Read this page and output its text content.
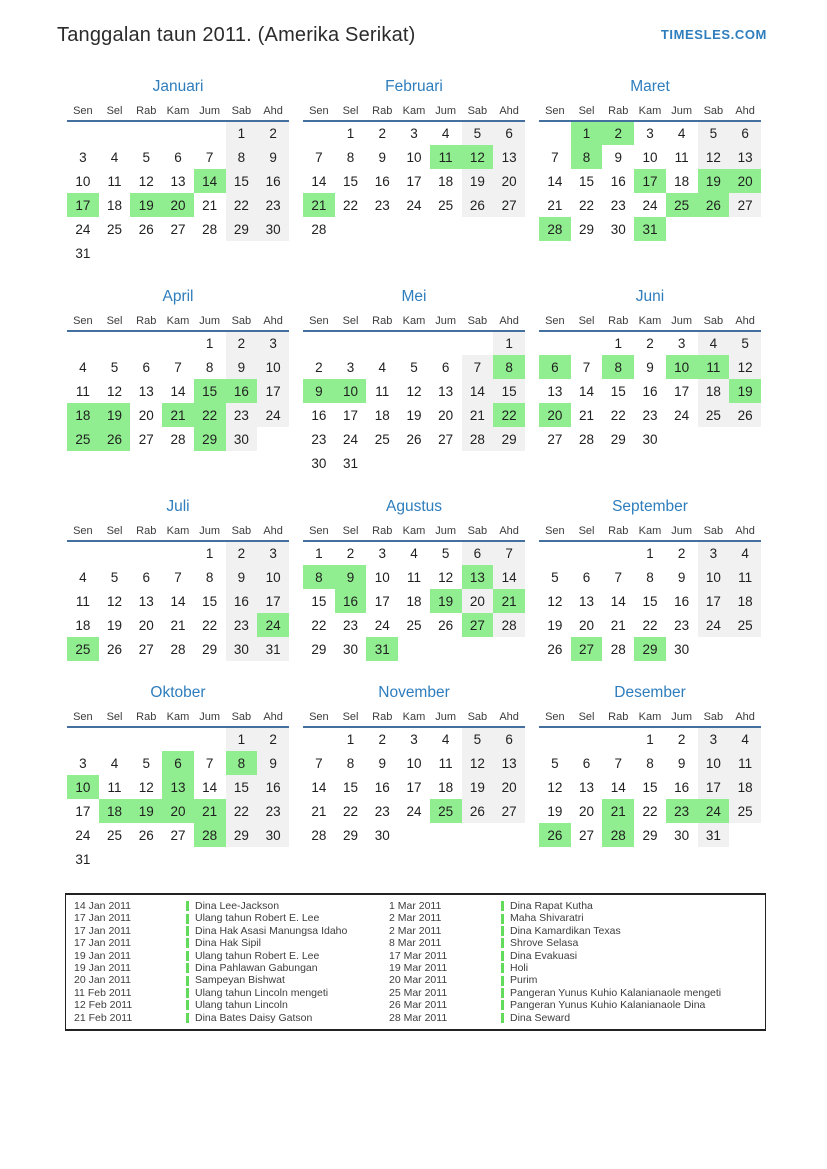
Tanggalan taun 2011. (Amerika Serikat)	TIMESLES.COM
Januari
Sen	Sel	Rab	Kam	Jum	Sab	Ahd
					1	2
3	4	5	6	7	8	9
10	11	12	13	14	15	16
17	18	19	20	21	22	23
24	25	26	27	28	29	30
31						
Februari
Sen	Sel	Rab	Kam	Jum	Sab	Ahd
	1	2	3	4	5	6
7	8	9	10	11	12	13
14	15	16	17	18	19	20
21	22	23	24	25	26	27
28						
Maret
Sen	Sel	Rab	Kam	Jum	Sab	Ahd
	1	2	3	4	5	6
7	8	9	10	11	12	13
14	15	16	17	18	19	20
21	22	23	24	25	26	27
28	29	30	31			
April
Sen	Sel	Rab	Kam	Jum	Sab	Ahd
				1	2	3
4	5	6	7	8	9	10
11	12	13	14	15	16	17
18	19	20	21	22	23	24
25	26	27	28	29	30	
Mei
Sen	Sel	Rab	Kam	Jum	Sab	Ahd
						1
2	3	4	5	6	7	8
9	10	11	12	13	14	15
16	17	18	19	20	21	22
23	24	25	26	27	28	29
30	31					
Juni
Sen	Sel	Rab	Kam	Jum	Sab	Ahd
		1	2	3	4	5
6	7	8	9	10	11	12
13	14	15	16	17	18	19
20	21	22	23	24	25	26
27	28	29	30			
Juli
Sen	Sel	Rab	Kam	Jum	Sab	Ahd
				1	2	3
4	5	6	7	8	9	10
11	12	13	14	15	16	17
18	19	20	21	22	23	24
25	26	27	28	29	30	31
Agustus
Sen	Sel	Rab	Kam	Jum	Sab	Ahd
1	2	3	4	5	6	7
8	9	10	11	12	13	14
15	16	17	18	19	20	21
22	23	24	25	26	27	28
29	30	31				
September
Sen	Sel	Rab	Kam	Jum	Sab	Ahd
			1	2	3	4
5	6	7	8	9	10	11
12	13	14	15	16	17	18
19	20	21	22	23	24	25
26	27	28	29	30		
Oktober
Sen	Sel	Rab	Kam	Jum	Sab	Ahd
					1	2
3	4	5	6	7	8	9
10	11	12	13	14	15	16
17	18	19	20	21	22	23
24	25	26	27	28	29	30
31						
November
Sen	Sel	Rab	Kam	Jum	Sab	Ahd
	1	2	3	4	5	6
7	8	9	10	11	12	13
14	15	16	17	18	19	20
21	22	23	24	25	26	27
28	29	30				
Desember
Sen	Sel	Rab	Kam	Jum	Sab	Ahd
			1	2	3	4
5	6	7	8	9	10	11
12	13	14	15	16	17	18
19	20	21	22	23	24	25
26	27	28	29	30	31	
14 Jan 2011	Dina Lee-Jackson
17 Jan 2011	Ulang tahun Robert E. Lee
17 Jan 2011	Dina Hak Asasi Manungsa Idaho
17 Jan 2011	Dina Hak Sipil
19 Jan 2011	Ulang tahun Robert E. Lee
19 Jan 2011	Dina Pahlawan Gabungan
20 Jan 2011	Sampeyan Bishwat
11 Feb 2011	Ulang tahun Lincoln mengeti
12 Feb 2011	Ulang tahun Lincoln
21 Feb 2011	Dina Bates Daisy Gatson
1 Mar 2011	Dina Rapat Kutha
2 Mar 2011	Maha Shivaratri
2 Mar 2011	Dina Kamardikan Texas
8 Mar 2011	Shrove Selasa
17 Mar 2011	Dina Evakuasi
19 Mar 2011	Holi
20 Mar 2011	Purim
25 Mar 2011	Pangeran Yunus Kuhio Kalanianaole mengeti
26 Mar 2011	Pangeran Yunus Kuhio Kalanianaole Dina
28 Mar 2011	Dina Seward
